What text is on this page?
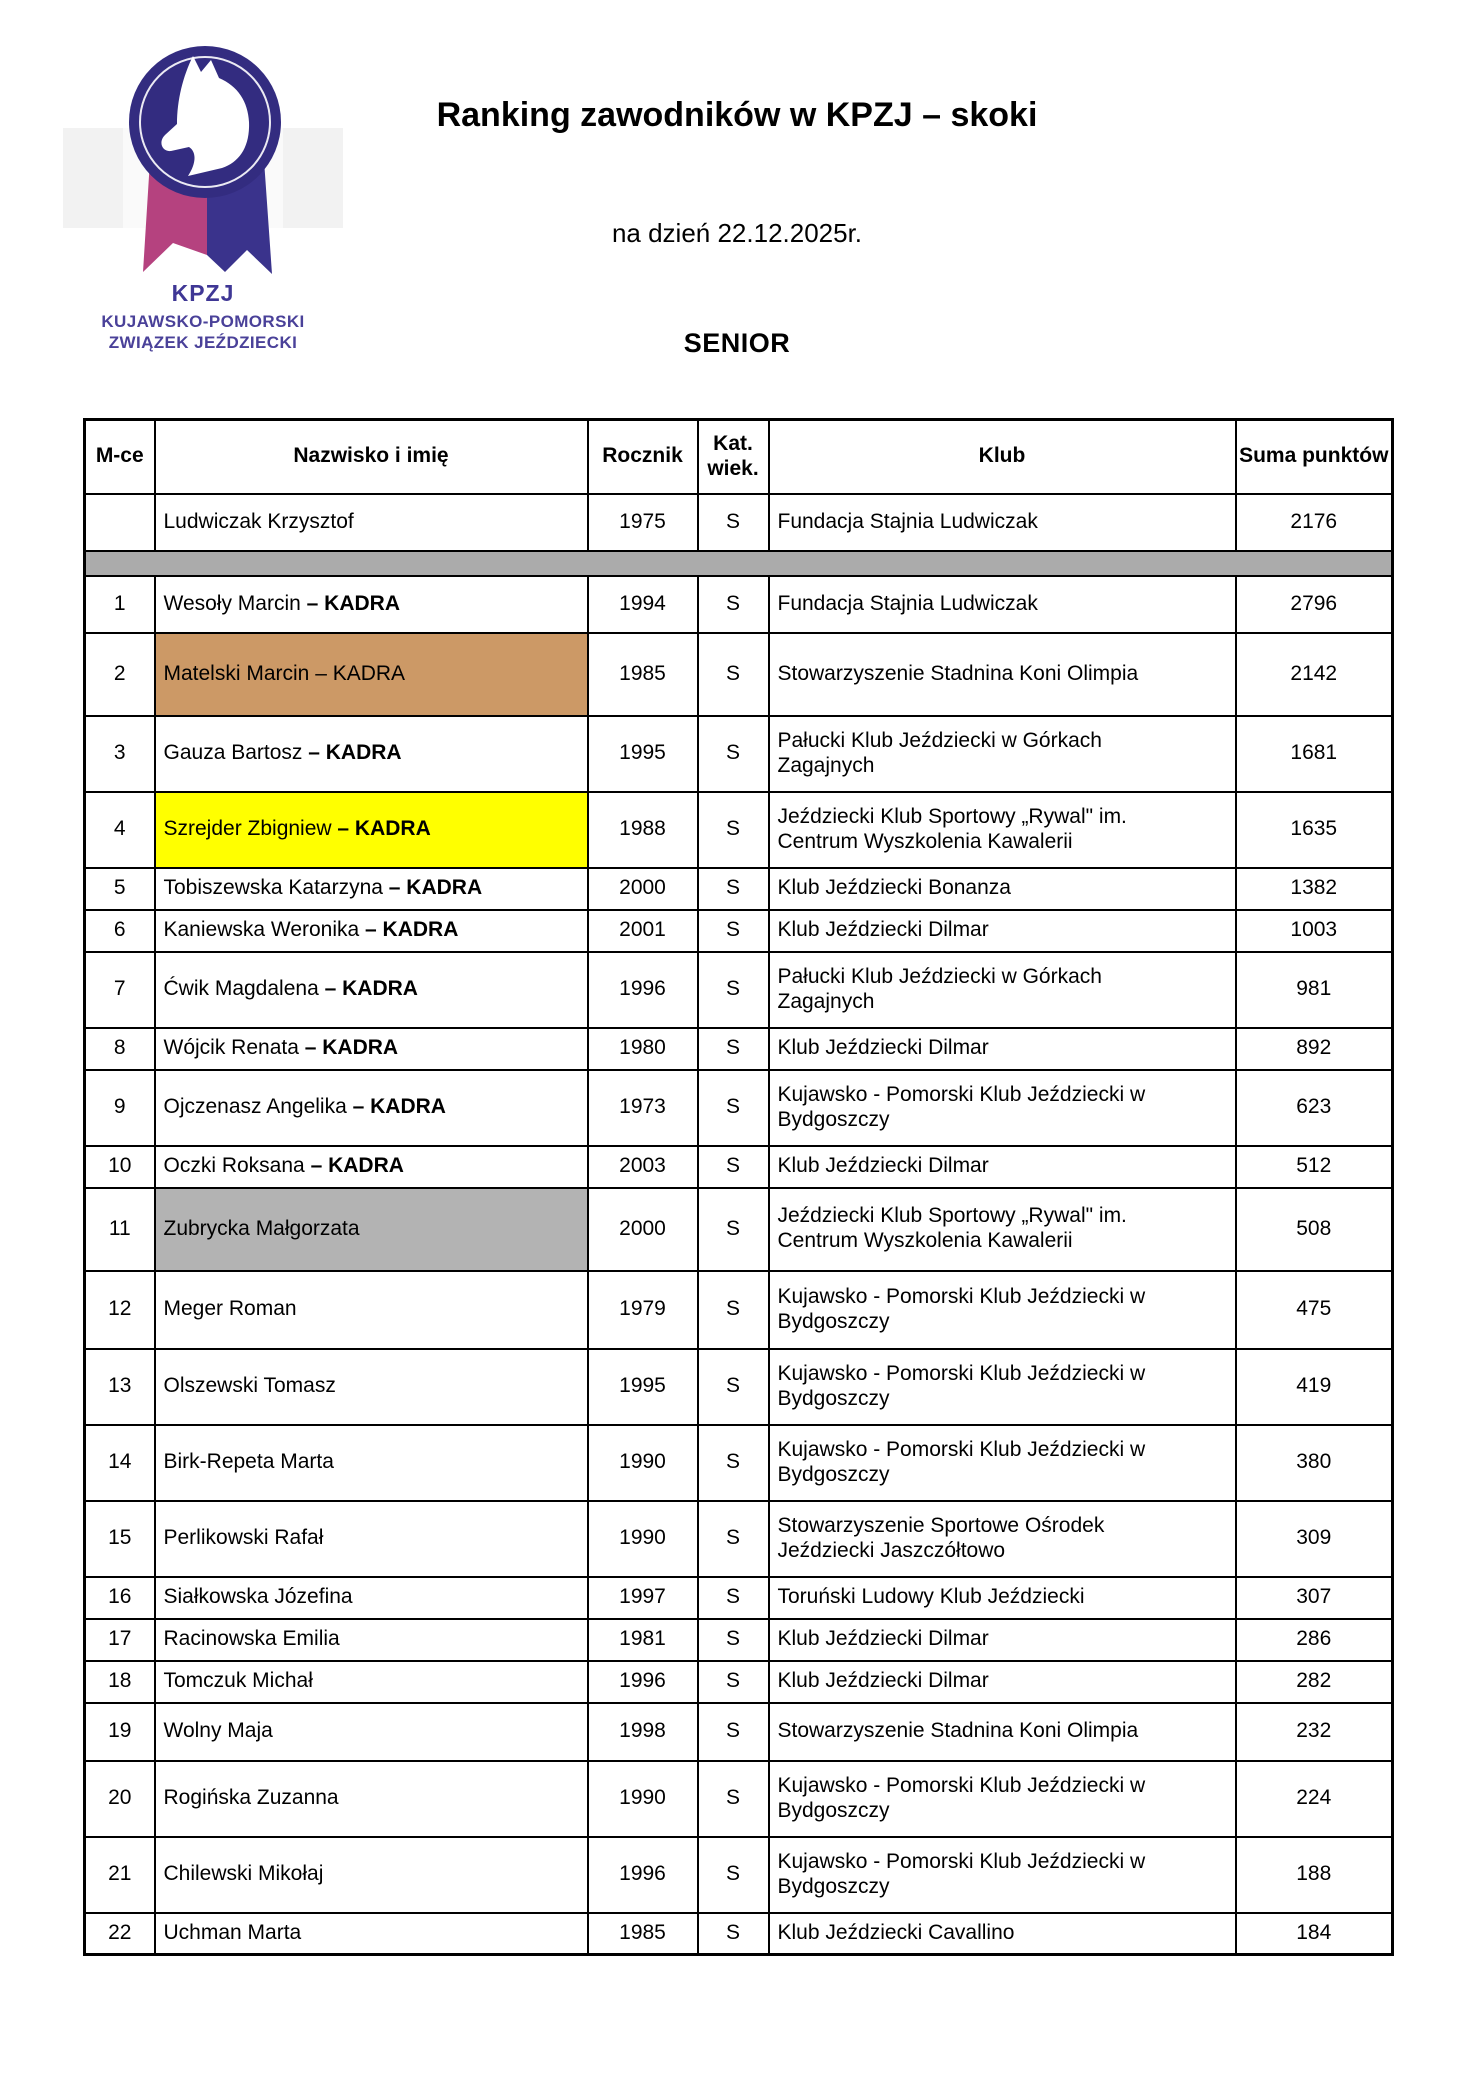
KPZJ
KUJAWSKO-POMORSKI
ZWIĄZEK JEŹDZIECKI
Ranking zawodników w KPZJ – skoki
na dzień 22.12.2025r.
SENIOR
M-ce	Nazwisko i imię	Rocznik	Kat. wiek.	Klub	Suma punktów
	Ludwiczak Krzysztof	1975	S	Fundacja Stajnia Ludwiczak	2176

1	Wesoły Marcin – KADRA	1994	S	Fundacja Stajnia Ludwiczak	2796
2	Matelski Marcin – KADRA	1985	S	Stowarzyszenie Stadnina Koni Olimpia	2142
3	Gauza Bartosz – KADRA	1995	S	Pałucki Klub Jeździecki w Górkach Zagajnych	1681
4	Szrejder Zbigniew – KADRA	1988	S	Jeździecki Klub Sportowy „Rywal" im. Centrum Wyszkolenia Kawalerii	1635
5	Tobiszewska Katarzyna – KADRA	2000	S	Klub Jeździecki Bonanza	1382
6	Kaniewska Weronika – KADRA	2001	S	Klub Jeździecki Dilmar	1003
7	Ćwik Magdalena – KADRA	1996	S	Pałucki Klub Jeździecki w Górkach Zagajnych	981
8	Wójcik Renata – KADRA	1980	S	Klub Jeździecki Dilmar	892
9	Ojczenasz Angelika – KADRA	1973	S	Kujawsko - Pomorski Klub Jeździecki w Bydgoszczy	623
10	Oczki Roksana – KADRA	2003	S	Klub Jeździecki Dilmar	512
11	Zubrycka Małgorzata	2000	S	Jeździecki Klub Sportowy „Rywal" im. Centrum Wyszkolenia Kawalerii	508
12	Meger Roman	1979	S	Kujawsko - Pomorski Klub Jeździecki w Bydgoszczy	475
13	Olszewski Tomasz	1995	S	Kujawsko - Pomorski Klub Jeździecki w Bydgoszczy	419
14	Birk-Repeta Marta	1990	S	Kujawsko - Pomorski Klub Jeździecki w Bydgoszczy	380
15	Perlikowski Rafał	1990	S	Stowarzyszenie Sportowe Ośrodek Jeździecki Jaszczółtowo	309
16	Siałkowska Józefina	1997	S	Toruński Ludowy Klub Jeździecki	307
17	Racinowska Emilia	1981	S	Klub Jeździecki Dilmar	286
18	Tomczuk Michał	1996	S	Klub Jeździecki Dilmar	282
19	Wolny Maja	1998	S	Stowarzyszenie Stadnina Koni Olimpia	232
20	Rogińska Zuzanna	1990	S	Kujawsko - Pomorski Klub Jeździecki w Bydgoszczy	224
21	Chilewski Mikołaj	1996	S	Kujawsko - Pomorski Klub Jeździecki w Bydgoszczy	188
22	Uchman Marta	1985	S	Klub Jeździecki Cavallino	184
